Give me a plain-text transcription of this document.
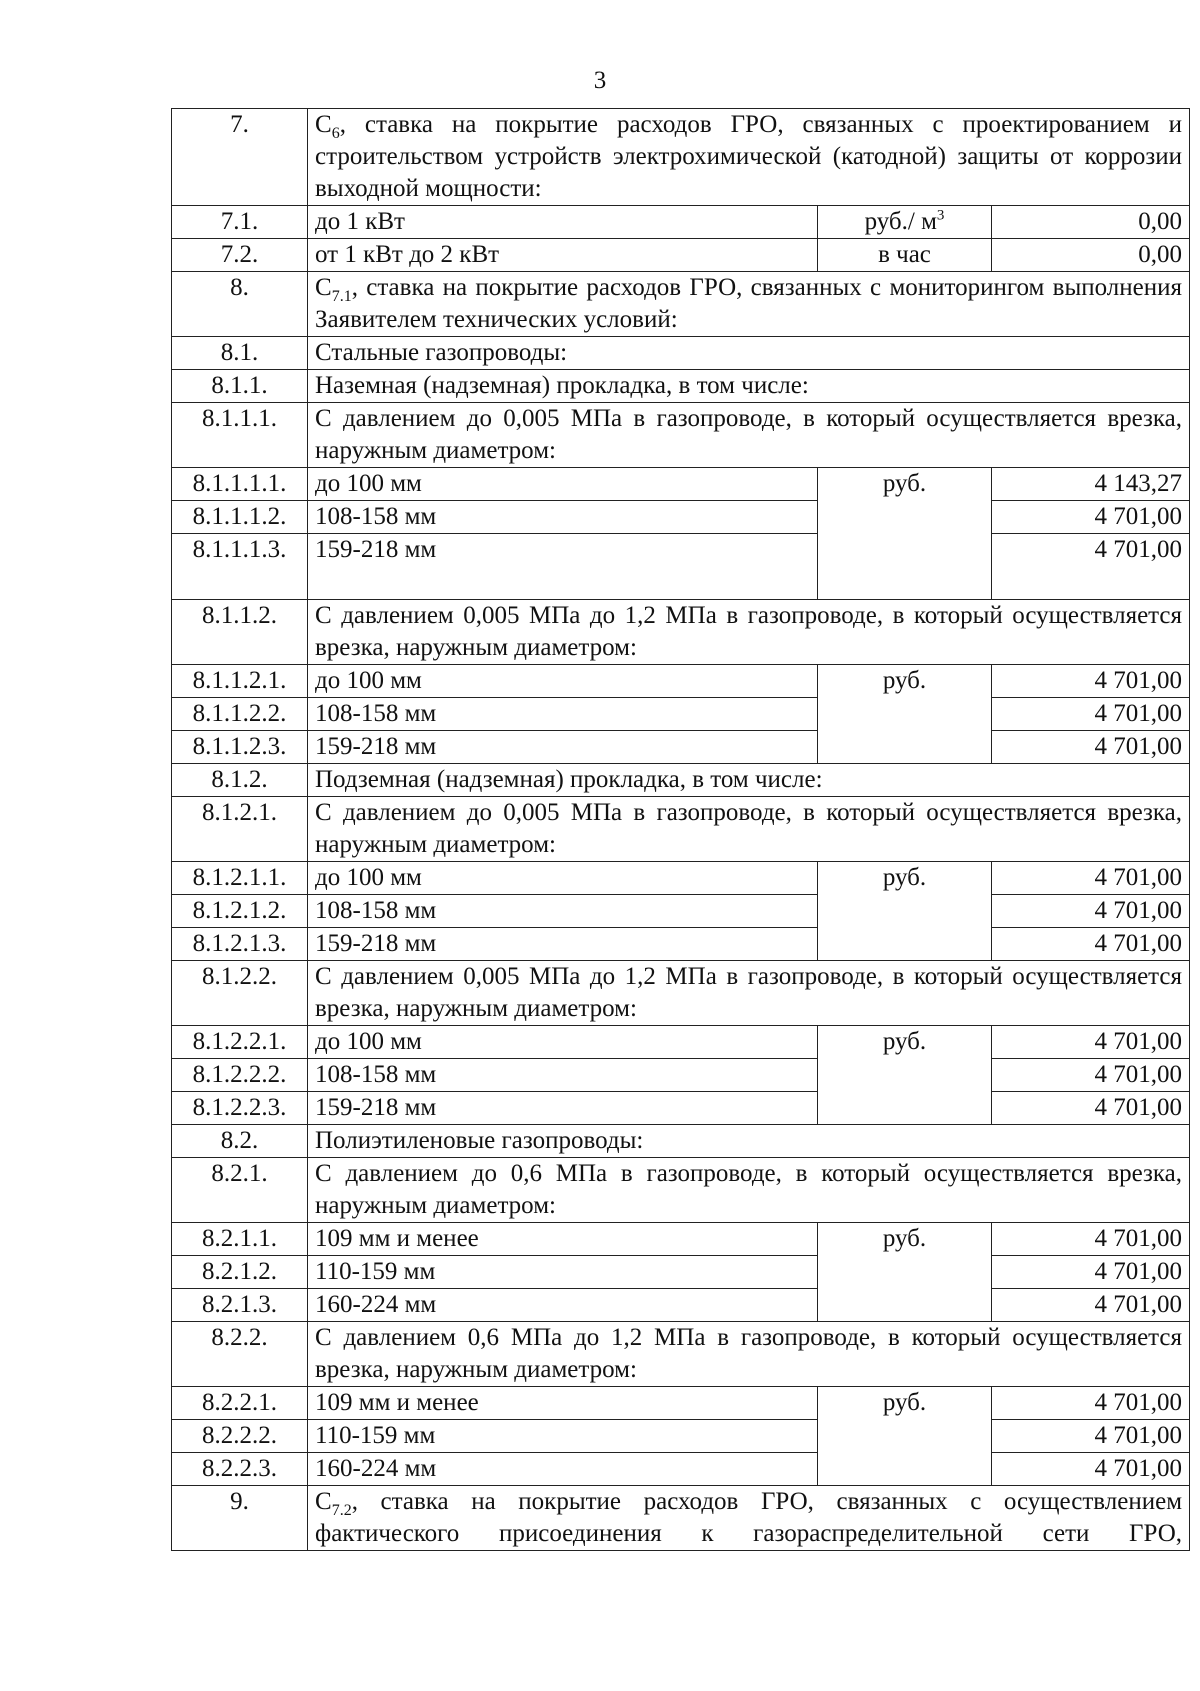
3
7.	$С_6$, ставка на покрытие расходов ГРО, связанных с проектированием и строительством устройств электрохимической (катодной) защиты от коррозии выходной мощности:		
7.1.	до 1 кВт	руб./ $м^3$	0,00
7.2.	от 1 кВт до 2 кВт	в час	0,00
8.	$С_{7.1}$, ставка на покрытие расходов ГРО, связанных с мониторингом выполнения Заявителем технических условий:		
8.1.	Стальные газопроводы:		
8.1.1.	Наземная (надземная) прокладка, в том числе:		
8.1.1.1.	С давлением до 0,005 МПа в газопроводе, в который осуществляется врезка, наружным диаметром:		
8.1.1.1.1.	до 100 мм	руб.	4 143,27
8.1.1.1.2.	108-158 мм		4 701,00
8.1.1.1.3.	159-218 мм		4 701,00
8.1.1.2.	С давлением 0,005 МПа до 1,2 МПа в газопроводе, в который осуществляется врезка, наружным диаметром:		
8.1.1.2.1.	до 100 мм	руб.	4 701,00
8.1.1.2.2.	108-158 мм		4 701,00
8.1.1.2.3.	159-218 мм		4 701,00
8.1.2.	Подземная (надземная) прокладка, в том числе:		
8.1.2.1.	С давлением до 0,005 МПа в газопроводе, в который осуществляется врезка, наружным диаметром:		
8.1.2.1.1.	до 100 мм	руб.	4 701,00
8.1.2.1.2.	108-158 мм		4 701,00
8.1.2.1.3.	159-218 мм		4 701,00
8.1.2.2.	С давлением 0,005 МПа до 1,2 МПа в газопроводе, в который осуществляется врезка, наружным диаметром:		
8.1.2.2.1.	до 100 мм	руб.	4 701,00
8.1.2.2.2.	108-158 мм		4 701,00
8.1.2.2.3.	159-218 мм		4 701,00
8.2.	Полиэтиленовые газопроводы:		
8.2.1.	С давлением до 0,6 МПа в газопроводе, в который осуществляется врезка, наружным диаметром:		
8.2.1.1.	109 мм и менее	руб.	4 701,00
8.2.1.2.	110-159 мм		4 701,00
8.2.1.3.	160-224 мм		4 701,00
8.2.2.	С давлением 0,6 МПа до 1,2 МПа в газопроводе, в который осуществляется врезка, наружным диаметром:		
8.2.2.1.	109 мм и менее	руб.	4 701,00
8.2.2.2.	110-159 мм		4 701,00
8.2.2.3.	160-224 мм		4 701,00
9.	$С_{7.2}$, ставка на покрытие расходов ГРО, связанных с осуществлением фактического присоединения к газораспределительной сети ГРО,		
